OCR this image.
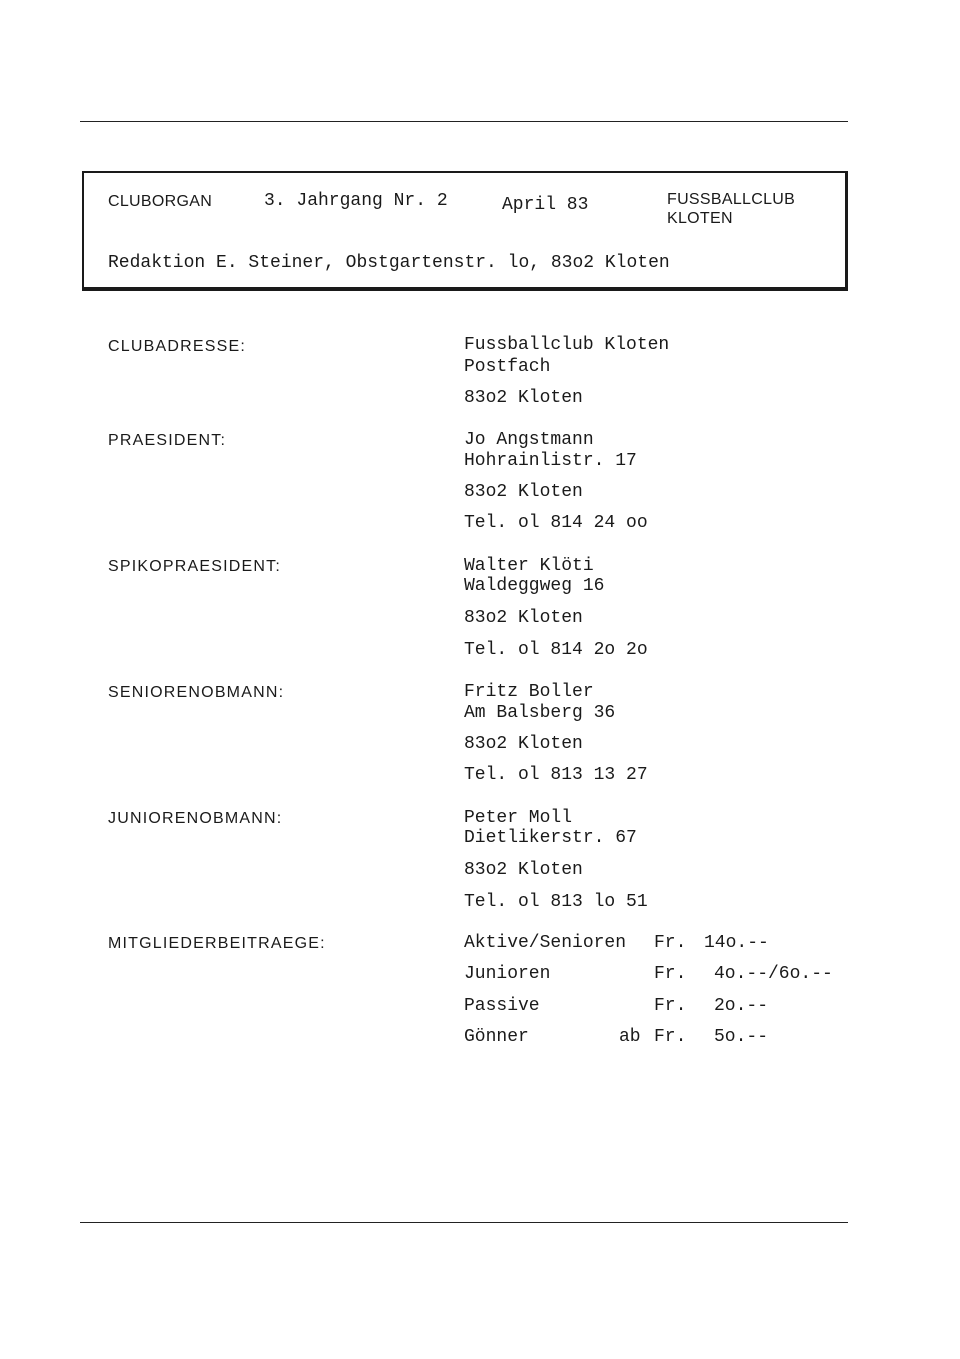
CLUBORGAN	3. Jahrgang Nr. 2	April 83	FUSSBALLCLUB
KLOTEN
Redaktion E. Steiner, Obstgartenstr. lo, 83o2 Kloten
CLUBADRESSE:	Fussballclub Kloten
Postfach
83o2 Kloten
PRAESIDENT:	Jo Angstmann
Hohrainlistr. 17
83o2 Kloten
Tel. ol 814 24 oo
SPIKOPRAESIDENT:	Walter Klöti
Waldeggweg 16
83o2 Kloten
Tel. ol 814 2o 2o
SENIORENOBMANN:	Fritz Boller
Am Balsberg 36
83o2 Kloten
Tel. ol 813 13 27
JUNIORENOBMANN:	Peter Moll
Dietlikerstr. 67
83o2 Kloten
Tel. ol 813 lo 51
MITGLIEDERBEITRAEGE:	Aktive/Senioren Fr. 14o.--
Junioren	Fr. 4o.--/6o.--
Passive	Fr. 2o.--
Gönner	ab Fr. 5o.--
